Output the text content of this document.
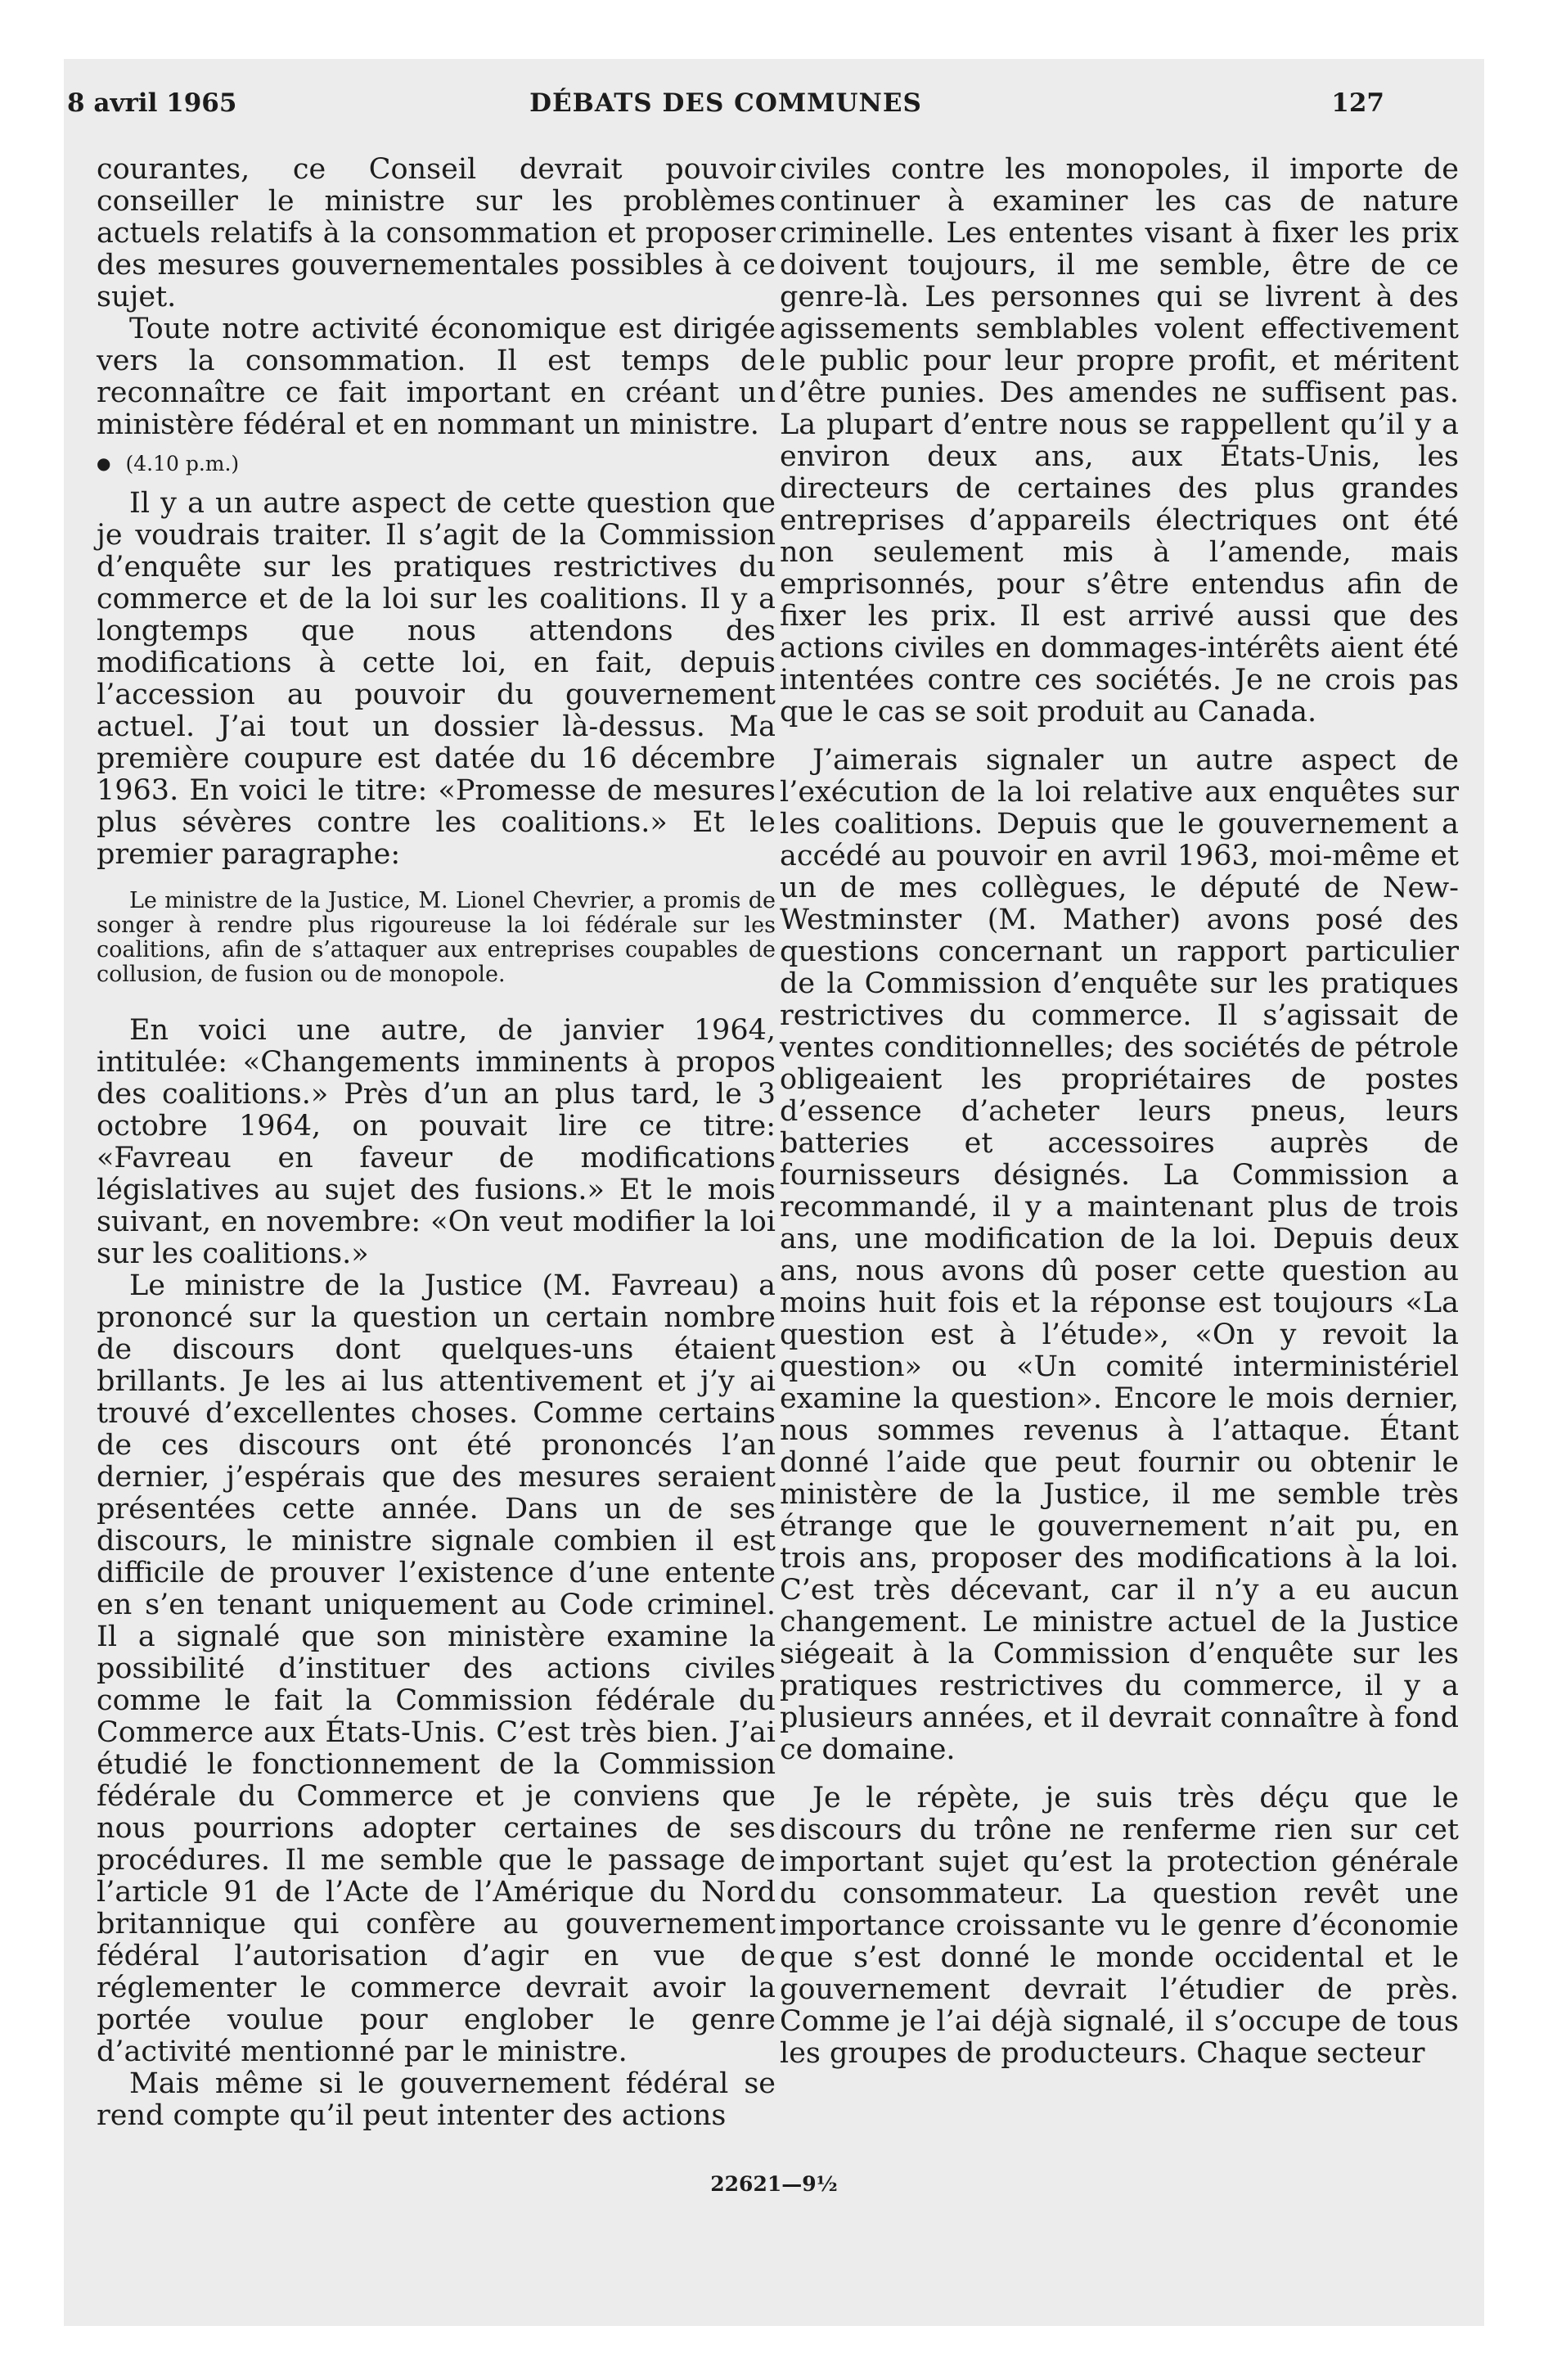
8 avril 1965	DÉBATS DES COMMUNES	127

courantes, ce Conseil devrait pouvoir conseiller le ministre sur les problèmes actuels relatifs à la consommation et proposer des mesures gouvernementales possibles à ce sujet.

Toute notre activité économique est dirigée vers la consommation. Il est temps de reconnaître ce fait important en créant un ministère fédéral et en nommant un ministre.

● (4.10 p.m.)

Il y a un autre aspect de cette question que je voudrais traiter. Il s’agit de la Commission d’enquête sur les pratiques restrictives du commerce et de la loi sur les coalitions. Il y a longtemps que nous attendons des modifications à cette loi, en fait, depuis l’accession au pouvoir du gouvernement actuel. J’ai tout un dossier là-dessus. Ma première coupure est datée du 16 décembre 1963. En voici le titre: «Promesse de mesures plus sévères contre les coalitions.» Et le premier paragraphe:

Le ministre de la Justice, M. Lionel Chevrier, a promis de songer à rendre plus rigoureuse la loi fédérale sur les coalitions, afin de s’attaquer aux entreprises coupables de collusion, de fusion ou de monopole.

En voici une autre, de janvier 1964, intitulée: «Changements imminents à propos des coalitions.» Près d’un an plus tard, le 3 octobre 1964, on pouvait lire ce titre: «Favreau en faveur de modifications législatives au sujet des fusions.» Et le mois suivant, en novembre: «On veut modifier la loi sur les coalitions.»

Le ministre de la Justice (M. Favreau) a prononcé sur la question un certain nombre de discours dont quelques-uns étaient brillants. Je les ai lus attentivement et j’y ai trouvé d’excellentes choses. Comme certains de ces discours ont été prononcés l’an dernier, j’espérais que des mesures seraient présentées cette année. Dans un de ses discours, le ministre signale combien il est difficile de prouver l’existence d’une entente en s’en tenant uniquement au Code criminel. Il a signalé que son ministère examine la possibilité d’instituer des actions civiles comme le fait la Commission fédérale du Commerce aux États-Unis. C’est très bien. J’ai étudié le fonctionnement de la Commission fédérale du Commerce et je conviens que nous pourrions adopter certaines de ses procédures. Il me semble que le passage de l’article 91 de l’Acte de l’Amérique du Nord britannique qui confère au gouvernement fédéral l’autorisation d’agir en vue de réglementer le commerce devrait avoir la portée voulue pour englober le genre d’activité mentionné par le ministre.

Mais même si le gouvernement fédéral se rend compte qu’il peut intenter des actions

civiles contre les monopoles, il importe de continuer à examiner les cas de nature criminelle. Les ententes visant à fixer les prix doivent toujours, il me semble, être de ce genre-là. Les personnes qui se livrent à des agissements semblables volent effectivement le public pour leur propre profit, et méritent d’être punies. Des amendes ne suffisent pas. La plupart d’entre nous se rappellent qu’il y a environ deux ans, aux États-Unis, les directeurs de certaines des plus grandes entreprises d’appareils électriques ont été non seulement mis à l’amende, mais emprisonnés, pour s’être entendus afin de fixer les prix. Il est arrivé aussi que des actions civiles en dommages-intérêts aient été intentées contre ces sociétés. Je ne crois pas que le cas se soit produit au Canada.

J’aimerais signaler un autre aspect de l’exécution de la loi relative aux enquêtes sur les coalitions. Depuis que le gouvernement a accédé au pouvoir en avril 1963, moi-même et un de mes collègues, le député de New-Westminster (M. Mather) avons posé des questions concernant un rapport particulier de la Commission d’enquête sur les pratiques restrictives du commerce. Il s’agissait de ventes conditionnelles; des sociétés de pétrole obligeaient les propriétaires de postes d’essence d’acheter leurs pneus, leurs batteries et accessoires auprès de fournisseurs désignés. La Commission a recommandé, il y a maintenant plus de trois ans, une modification de la loi. Depuis deux ans, nous avons dû poser cette question au moins huit fois et la réponse est toujours «La question est à l’étude», «On y revoit la question» ou «Un comité interministériel examine la question». Encore le mois dernier, nous sommes revenus à l’attaque. Étant donné l’aide que peut fournir ou obtenir le ministère de la Justice, il me semble très étrange que le gouvernement n’ait pu, en trois ans, proposer des modifications à la loi. C’est très décevant, car il n’y a eu aucun changement. Le ministre actuel de la Justice siégeait à la Commission d’enquête sur les pratiques restrictives du commerce, il y a plusieurs années, et il devrait connaître à fond ce domaine.

Je le répète, je suis très déçu que le discours du trône ne renferme rien sur cet important sujet qu’est la protection générale du consommateur. La question revêt une importance croissante vu le genre d’économie que s’est donné le monde occidental et le gouvernement devrait l’étudier de près. Comme je l’ai déjà signalé, il s’occupe de tous les groupes de producteurs. Chaque secteur

22621—9½
